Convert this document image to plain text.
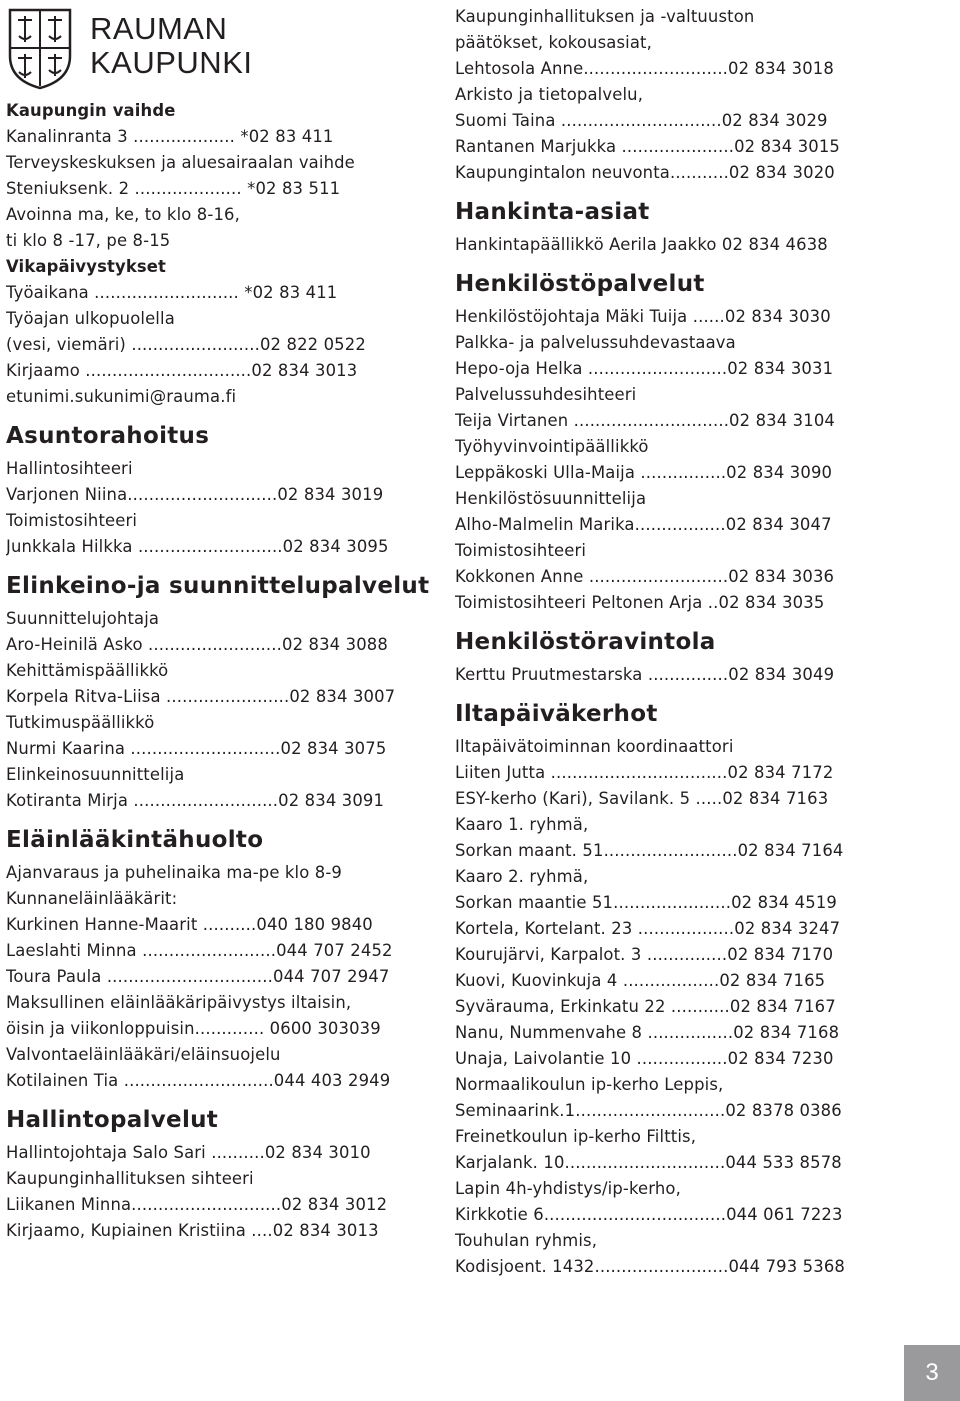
RAUMAN
KAUPUNKI
Kaupungin vaihde
Kanalinranta 3 ................... *02 83 411
Terveyskeskuksen ja aluesairaalan vaihde
Steniuksenk. 2 .................... *02 83 511
Avoinna ma, ke, to klo 8-16,
ti klo 8 -17, pe 8-15
Vikapäivystykset
Työaikana ........................... *02 83 411
Työajan ulkopuolella
(vesi, viemäri) ........................02 822 0522
Kirjaamo ...............................02 834 3013
etunimi.sukunimi@rauma.fi
Asuntorahoitus
Hallintosihteeri
Varjonen Niina............................02 834 3019
Toimistosihteeri
Junkkala Hilkka ...........................02 834 3095
Elinkeino-ja suunnittelupalvelut
Suunnittelujohtaja
Aro-Heinilä Asko .........................02 834 3088
Kehittämispäällikkö
Korpela Ritva-Liisa .......................02 834 3007
Tutkimuspäällikkö
Nurmi Kaarina ............................02 834 3075
Elinkeinosuunnittelija
Kotiranta Mirja ...........................02 834 3091
Eläinlääkintähuolto
Ajanvaraus ja puhelinaika ma-pe klo 8-9
Kunnaneläinlääkärit:
Kurkinen Hanne-Maarit ..........040 180 9840
Laeslahti Minna .........................044 707 2452
Toura Paula ...............................044 707 2947
Maksullinen eläinlääkäripäivystys iltaisin,
öisin ja viikonloppuisin............. 0600 303039
Valvontaeläinlääkäri/eläinsuojelu
Kotilainen Tia ............................044 403 2949
Hallintopalvelut
Hallintojohtaja Salo Sari ..........02 834 3010
Kaupunginhallituksen sihteeri
Liikanen Minna............................02 834 3012
Kirjaamo, Kupiainen Kristiina ....02 834 3013
Kaupunginhallituksen ja -valtuuston
päätökset, kokousasiat,
Lehtosola Anne...........................02 834 3018
Arkisto ja tietopalvelu,
Suomi Taina ..............................02 834 3029
Rantanen Marjukka .....................02 834 3015
Kaupungintalon neuvonta...........02 834 3020
Hankinta-asiat
Hankintapäällikkö Aerila Jaakko 02 834 4638
Henkilöstöpalvelut
Henkilöstöjohtaja Mäki Tuija ......02 834 3030
Palkka- ja palvelussuhdevastaava
Hepo-oja Helka ..........................02 834 3031
Palvelussuhdesihteeri
Teija Virtanen .............................02 834 3104
Työhyvinvointipäällikkö
Leppäkoski Ulla-Maija ................02 834 3090
Henkilöstösuunnittelija
Alho-Malmelin Marika.................02 834 3047
Toimistosihteeri
Kokkonen Anne ..........................02 834 3036
Toimistosihteeri Peltonen Arja ..02 834 3035
Henkilöstöravintola
Kerttu Pruutmestarska ...............02 834 3049
Iltapäiväkerhot
Iltapäivätoiminnan koordinaattori
Liiten Jutta .................................02 834 7172
ESY-kerho (Kari), Savilank. 5 .....02 834 7163
Kaaro 1. ryhmä,
Sorkan maant. 51.........................02 834 7164
Kaaro 2. ryhmä,
Sorkan maantie 51......................02 834 4519
Kortela, Kortelant. 23 ..................02 834 3247
Kourujärvi, Karpalot. 3 ...............02 834 7170
Kuovi, Kuovinkuja 4 ..................02 834 7165
Syvärauma, Erkinkatu 22 ...........02 834 7167
Nanu, Nummenvahe 8 ................02 834 7168
Unaja, Laivolantie 10 .................02 834 7230
Normaalikoulun ip-kerho Leppis,
Seminaarink.1............................02 8378 0386
Freinetkoulun ip-kerho Filttis,
Karjalank. 10..............................044 533 8578
Lapin 4h-yhdistys/ip-kerho,
Kirkkotie 6..................................044 061 7223
Touhulan ryhmis,
Kodisjoent. 1432.........................044 793 5368
3
